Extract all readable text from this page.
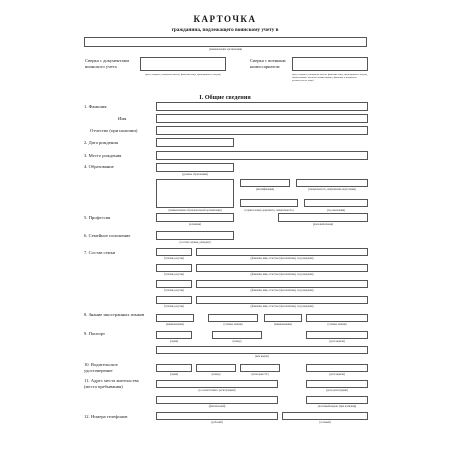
КАРТОЧКА
гражданина, подлежащего воинскому учету в
(наименование организации)
Сверка с документами воинского учета
(дата, подпись, инициалы имени, фамилия лица, проводившего сверку)
Сверка с военным комиссариатом
(дата, подпись, инициалы имени, фамилия лица, проводившего сверку, наименование военного комиссариата, фамилия и инициалы должностного лица)
I. Общие сведения
1. Фамилия
Имя
Отчество (при наличии)
2. Дата рождения
3. Место рождения
4. Образование
(уровень образования)
(квалификация)	(специальность, направление подготовки)
(наименование образовательной организации)	(серия и номер документа, специальность)	(год окончания)
5. Профессия
(основная)	(дополнительная)
6. Семейное положение
(состоит, вдовец, разведен)
7. Состав семьи
(степень родства)	(фамилия, имя, отчество (при наличии), год рождения)
(степень родства)	(фамилия, имя, отчество (при наличии), год рождения)
(степень родства)	(фамилия, имя, отчество (при наличии), год рождения)
(степень родства)	(фамилия, имя, отчество (при наличии), год рождения)
8. Знание иностранных языков
(наименование)	(степень знания)	(наименование)	(степень знания)
9. Паспорт
(серия)	(номер)	(дата выдачи)
(кем выдан)
10. Водительское удостоверение
(серия)	(номер)	(категория ТС)	(дата выдачи)
11. Адрес места жительства (места пребывания)
(в соответствии с регистрацией)	(дата регистрации)
(фактический)	(почтовый индекс (при наличии))
12. Номера телефонов
(рабочий)	(сотовый)
